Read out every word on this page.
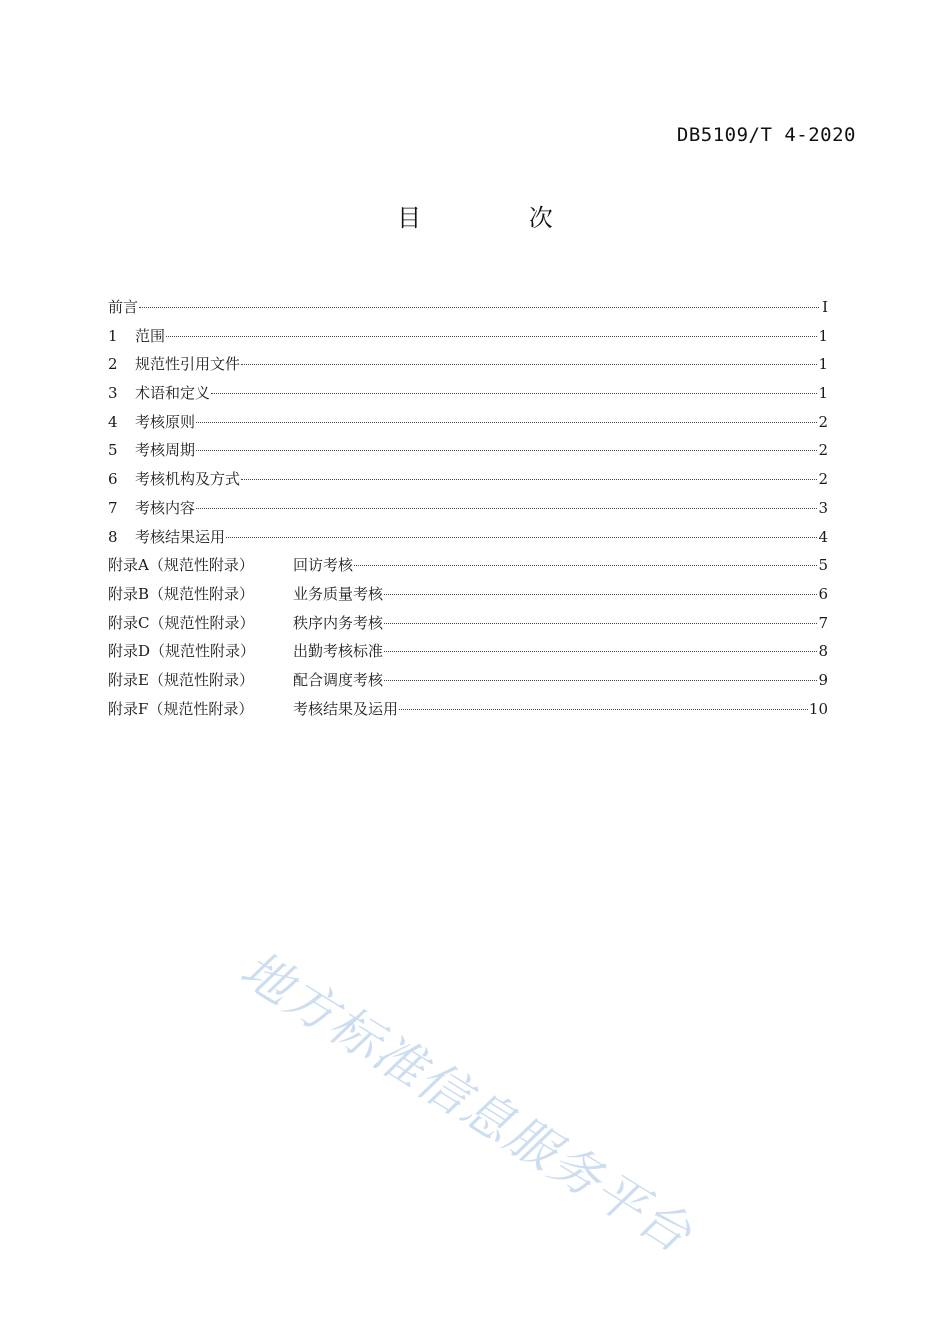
DB5109/T 4-2020
目 次
前言	I
1	范围	1
2	规范性引用文件	1
3	术语和定义	1
4	考核原则	2
5	考核周期	2
6	考核机构及方式	2
7	考核内容	3
8	考核结果运用	4
附录A（规范性附录）	回访考核	5
附录B（规范性附录）	业务质量考核	6
附录C（规范性附录）	秩序内务考核	7
附录D（规范性附录）	出勤考核标准	8
附录E（规范性附录）	配合调度考核	9
附录F（规范性附录）	考核结果及运用	10
地方标准信息服务平台
